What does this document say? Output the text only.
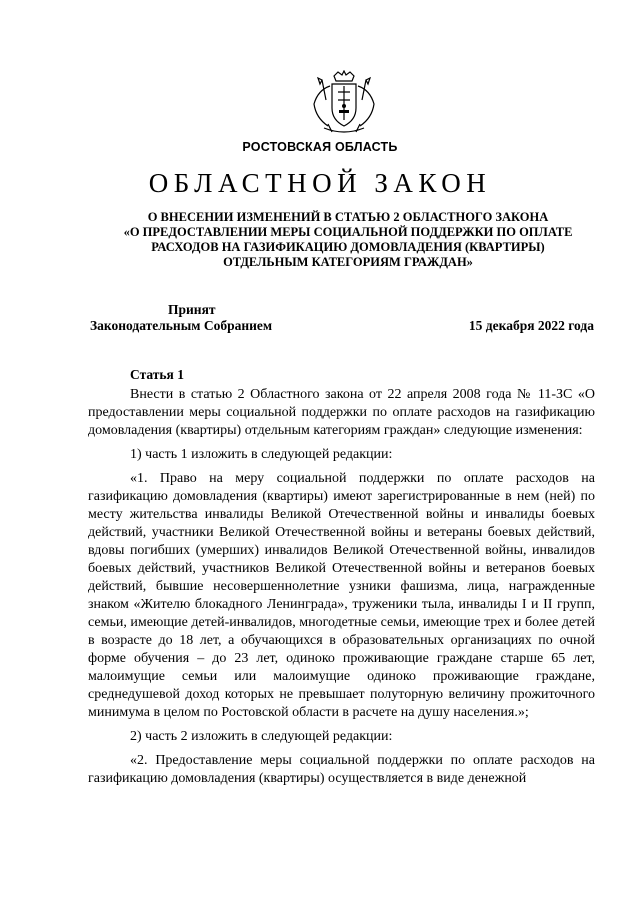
РОСТОВСКАЯ ОБЛАСТЬ
ОБЛАСТНОЙ ЗАКОН
О ВНЕСЕНИИ ИЗМЕНЕНИЙ В СТАТЬЮ 2 ОБЛАСТНОГО ЗАКОНА
«О ПРЕДОСТАВЛЕНИИ МЕРЫ СОЦИАЛЬНОЙ ПОДДЕРЖКИ ПО ОПЛАТЕ
РАСХОДОВ НА ГАЗИФИКАЦИЮ ДОМОВЛАДЕНИЯ (КВАРТИРЫ)
ОТДЕЛЬНЫМ КАТЕГОРИЯМ ГРАЖДАН»
Принят
Законодательным Собранием	15 декабря 2022 года
Статья 1

Внести в статью 2 Областного закона от 22 апреля 2008 года № 11-ЗС «О предоставлении меры социальной поддержки по оплате расходов на газификацию домовладения (квартиры) отдельным категориям граждан» следующие изменения:

1) часть 1 изложить в следующей редакции:

«1. Право на меру социальной поддержки по оплате расходов на газификацию домовладения (квартиры) имеют зарегистрированные в нем (ней) по месту жительства инвалиды Великой Отечественной войны и инвалиды боевых действий, участники Великой Отечественной войны и ветераны боевых действий, вдовы погибших (умерших) инвалидов Великой Отечественной войны, инвалидов боевых действий, участников Великой Отечественной войны и ветеранов боевых действий, бывшие несовершеннолетние узники фашизма, лица, награжденные знаком «Жителю блокадного Ленинграда», труженики тыла, инвалиды I и II групп, семьи, имеющие детей-инвалидов, многодетные семьи, имеющие трех и более детей в возрасте до 18 лет, а обучающихся в образовательных организациях по очной форме обучения – до 23 лет, одиноко проживающие граждане старше 65 лет, малоимущие семьи или малоимущие одиноко проживающие граждане, среднедушевой доход которых не превышает полуторную величину прожиточного минимума в целом по Ростовской области в расчете на душу населения.»;

2) часть 2 изложить в следующей редакции:

«2. Предоставление меры социальной поддержки по оплате расходов на газификацию домовладения (квартиры) осуществляется в виде денежной
